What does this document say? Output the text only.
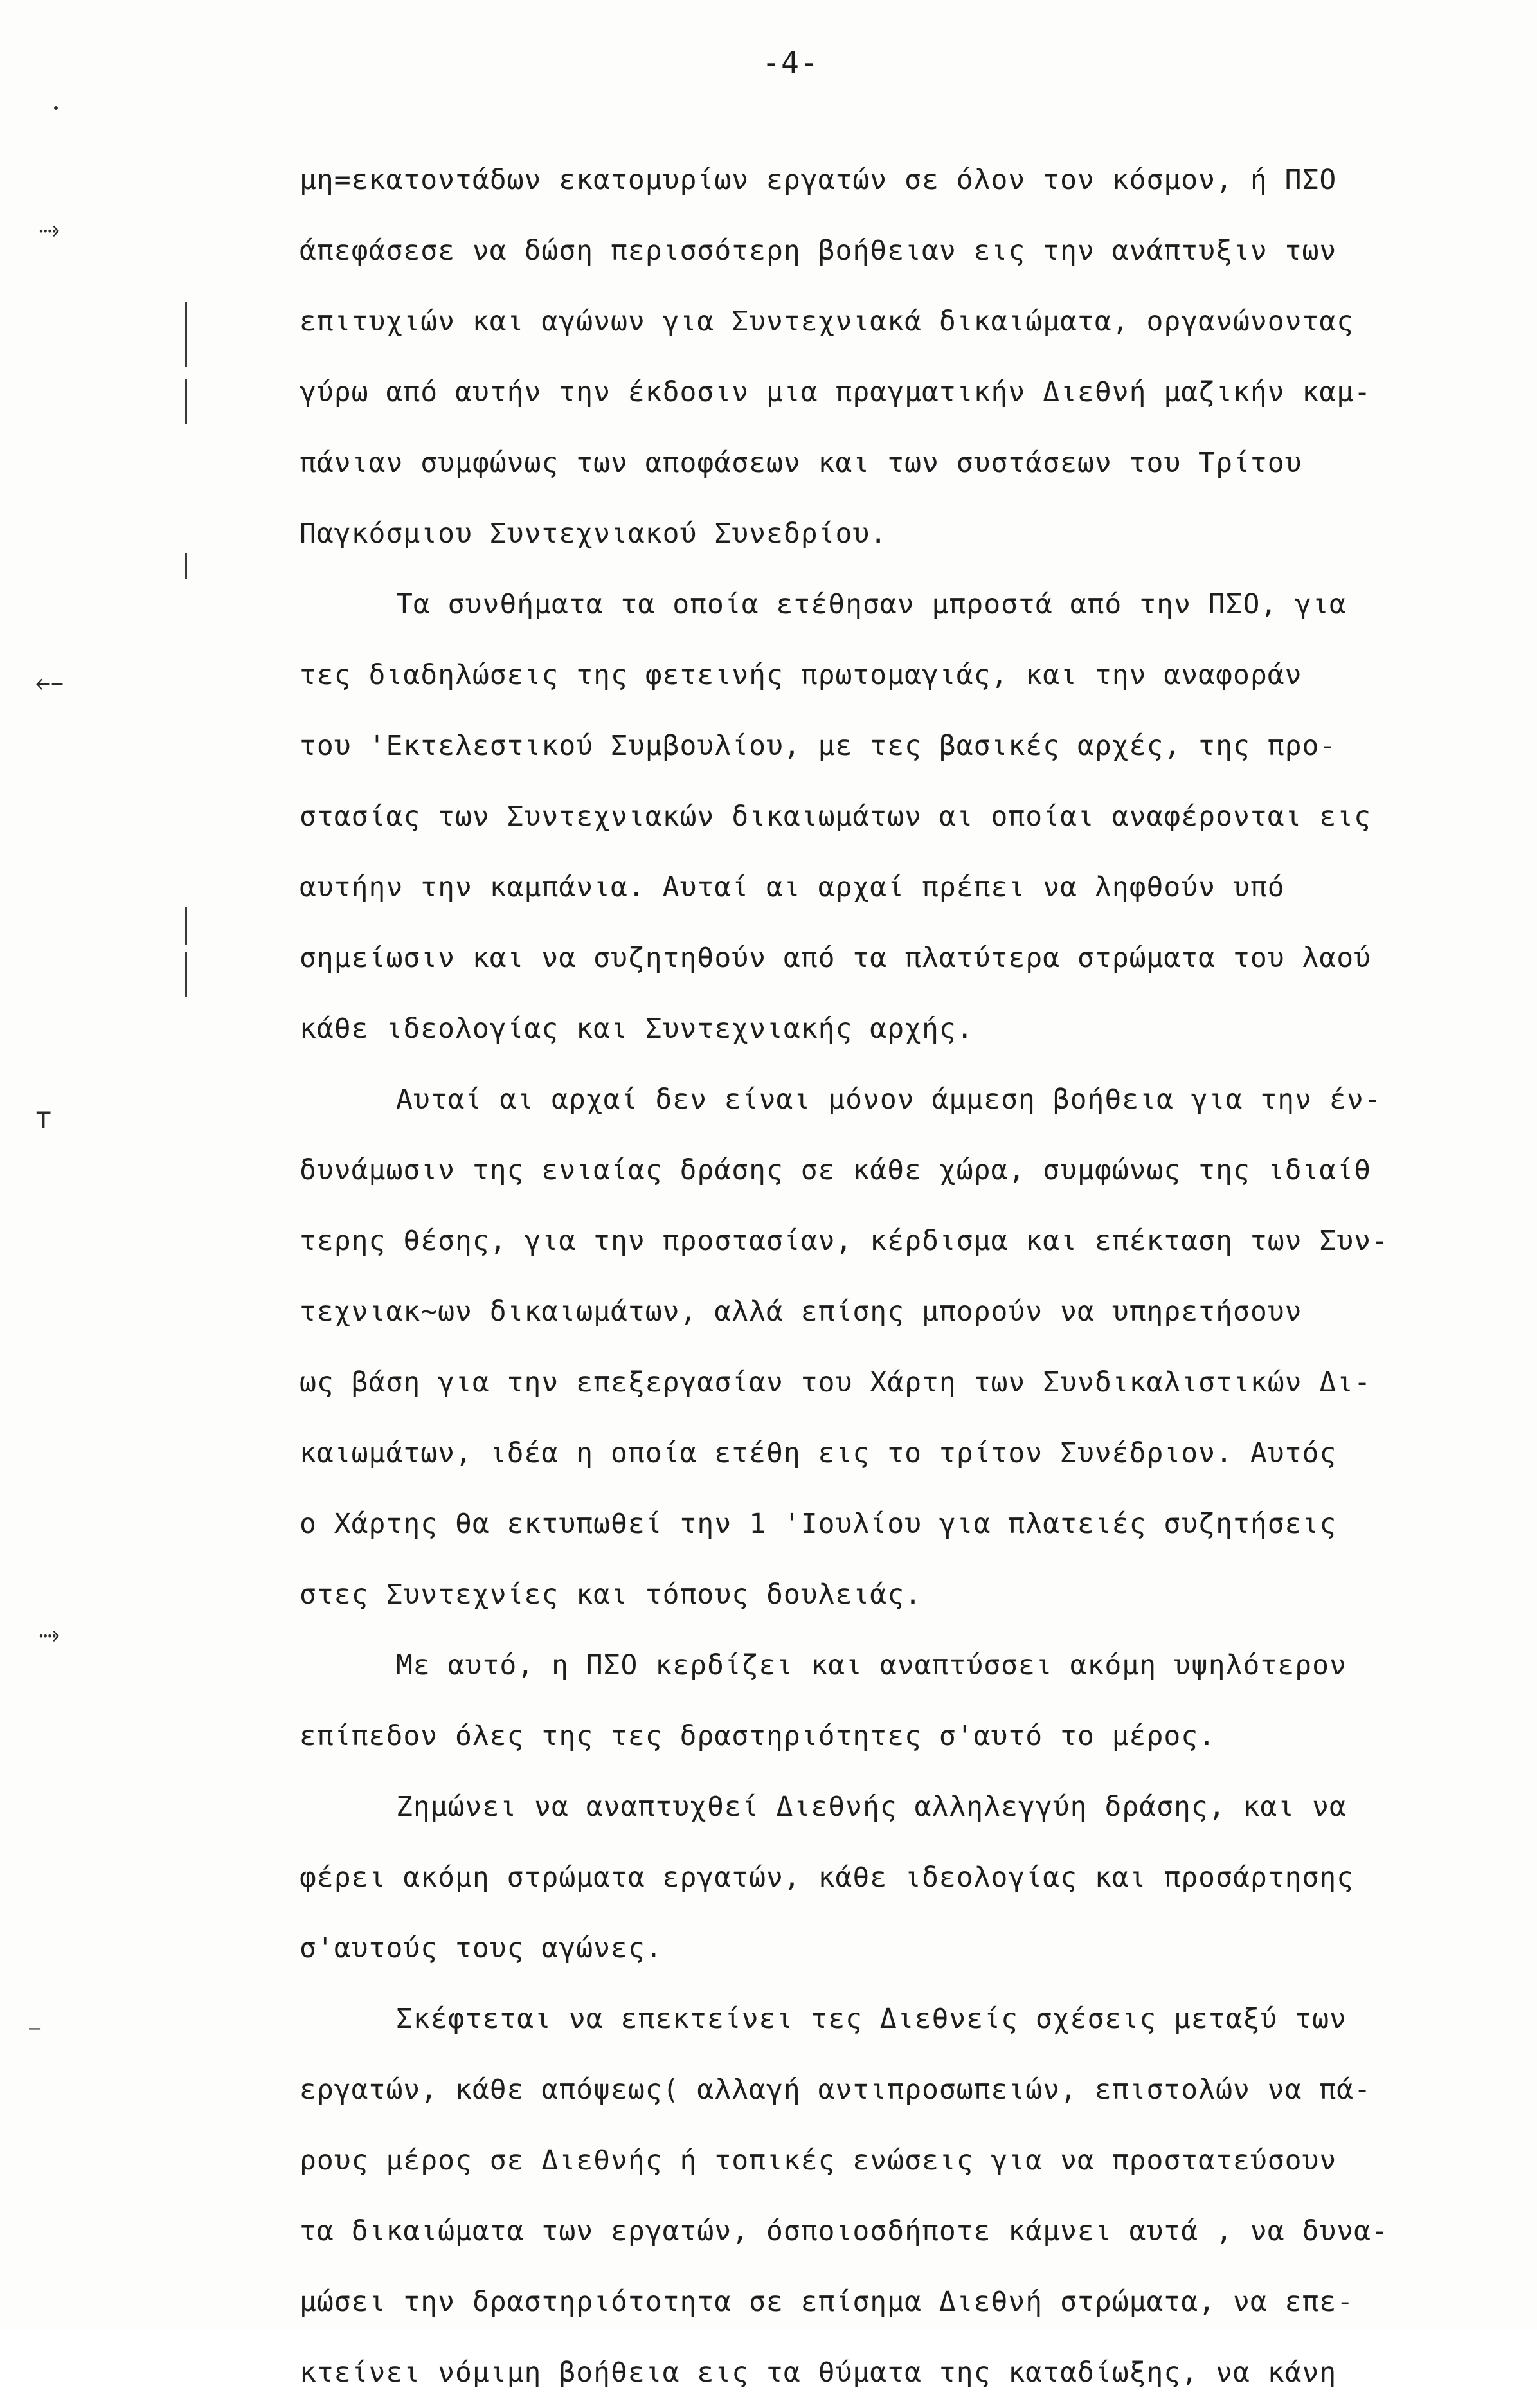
-4-
⤑
⤌
⊤
⤑
—
μη=εκατοντάδων εκατομυρίων εργατών σε όλον τον κόσμον, ή ΠΣΟ
άπεφάσεσε να δώση περισσότερη βοήθειαν εις την ανάπτυξιν των
επιτυχιών και αγώνων για Συντεχνιακά δικαιώματα, οργανώνοντας
γύρω από αυτήν την έκδοσιν μια πραγματικήν Διεθνή μαζικήν καμ-
πάνιαν συμφώνως των αποφάσεων και των συστάσεων του Τρίτου
Παγκόσμιου Συντεχνιακού Συνεδρίου.
Τα συνθήματα τα οποία ετέθησαν μπροστά από την ΠΣΟ, για
τες διαδηλώσεις της φετεινής πρωτομαγιάς, και την αναφοράν
του 'Εκτελεστικού Συμβουλίου, με τες βασικές αρχές, της προ-
στασίας των Συντεχνιακών δικαιωμάτων αι οποίαι αναφέρονται εις
αυτήην την καμπάνια. Αυταί αι αρχαί πρέπει να ληφθούν υπό
σημείωσιν και να συζητηθούν από τα πλατύτερα στρώματα του λαού
κάθε ιδεολογίας και Συντεχνιακής αρχής.
Αυταί αι αρχαί δεν είναι μόνον άμμεση βοήθεια για την έν-
δυνάμωσιν της ενιαίας δράσης σε κάθε χώρα, συμφώνως της ιδιαίθ
τερης θέσης, για την προστασίαν, κέρδισμα και επέκταση των Συν-
τεχνιακ~ων δικαιωμάτων, αλλά επίσης μπορούν να υπηρετήσουν
ως βάση για την επεξεργασίαν του Χάρτη των Συνδικαλιστικών Δι-
καιωμάτων, ιδέα η οποία ετέθη εις το τρίτον Συνέδριον. Αυτός
ο Χάρτης θα εκτυπωθεί την 1 'Ιουλίου για πλατειές συζητήσεις
στες Συντεχνίες και τόπους δουλειάς.
Με αυτό, η ΠΣΟ κερδίζει και αναπτύσσει ακόμη υψηλότερον
επίπεδον όλες της τες δραστηριότητες σ'αυτό το μέρος.
Ζημώνει να αναπτυχθεί Διεθνής αλληλεγγύη δράσης, και να
φέρει ακόμη στρώματα εργατών, κάθε ιδεολογίας και προσάρτησης
σ'αυτούς τους αγώνες.
Σκέφτεται να επεκτείνει τες Διεθνείς σχέσεις μεταξύ των
εργατών, κάθε απόψεως( αλλαγή αντιπροσωπειών, επιστολών να πά-
ρους μέρος σε Διεθνής ή τοπικές ενώσεις για να προστατεύσουν
τα δικαιώματα των εργατών, όσποιοσδήποτε κάμνει αυτά , να δυνα-
μώσει την δραστηριότοτητα σε επίσημα Διεθνή στρώματα, να επε-
κτείνει νόμιμη βοήθεια εις τα θύματα της καταδίωξης, να κάνη
